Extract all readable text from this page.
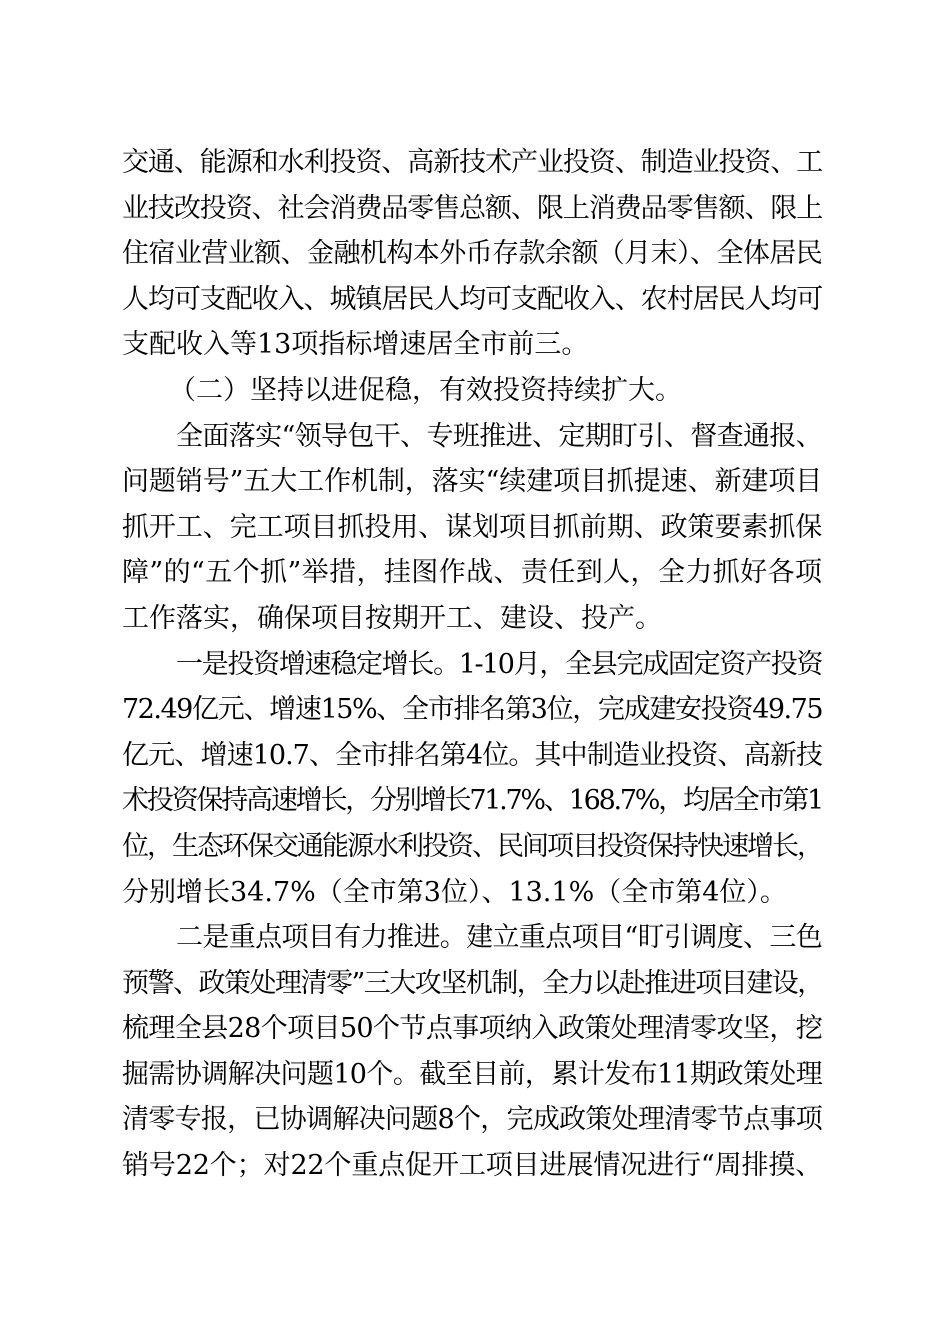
交通、能源和水利投资、高新技术产业投资、制造业投资、工
业技改投资、社会消费品零售总额、限上消费品零售额、限上
住宿业营业额、金融机构本外币存款余额（月末）、全体居民
人均可支配收入、城镇居民人均可支配收入、农村居民人均可
支配收入等13项指标增速居全市前三。
（二）坚持以进促稳，有效投资持续扩大。
全面落实“领导包干、专班推进、定期盯引、督查通报、
问题销号”五大工作机制，落实“续建项目抓提速、新建项目
抓开工、完工项目抓投用、谋划项目抓前期、政策要素抓保
障”的“五个抓”举措，挂图作战、责任到人，全力抓好各项
工作落实，确保项目按期开工、建设、投产。
一是投资增速稳定增长。1-10月，全县完成固定资产投资
72.49亿元、增速15%、全市排名第3位，完成建安投资49.75
亿元、增速10.7、全市排名第4位。其中制造业投资、高新技
术投资保持高速增长，分别增长71.7%、168.7%，均居全市第1
位，生态环保交通能源水利投资、民间项目投资保持快速增长，
分别增长34.7%（全市第3位）、13.1%（全市第4位）。
二是重点项目有力推进。建立重点项目“盯引调度、三色
预警、政策处理清零”三大攻坚机制，全力以赴推进项目建设，
梳理全县28个项目50个节点事项纳入政策处理清零攻坚，挖
掘需协调解决问题10个。截至目前，累计发布11期政策处理
清零专报，已协调解决问题8个，完成政策处理清零节点事项
销号22个；对22个重点促开工项目进展情况进行“周排摸、
